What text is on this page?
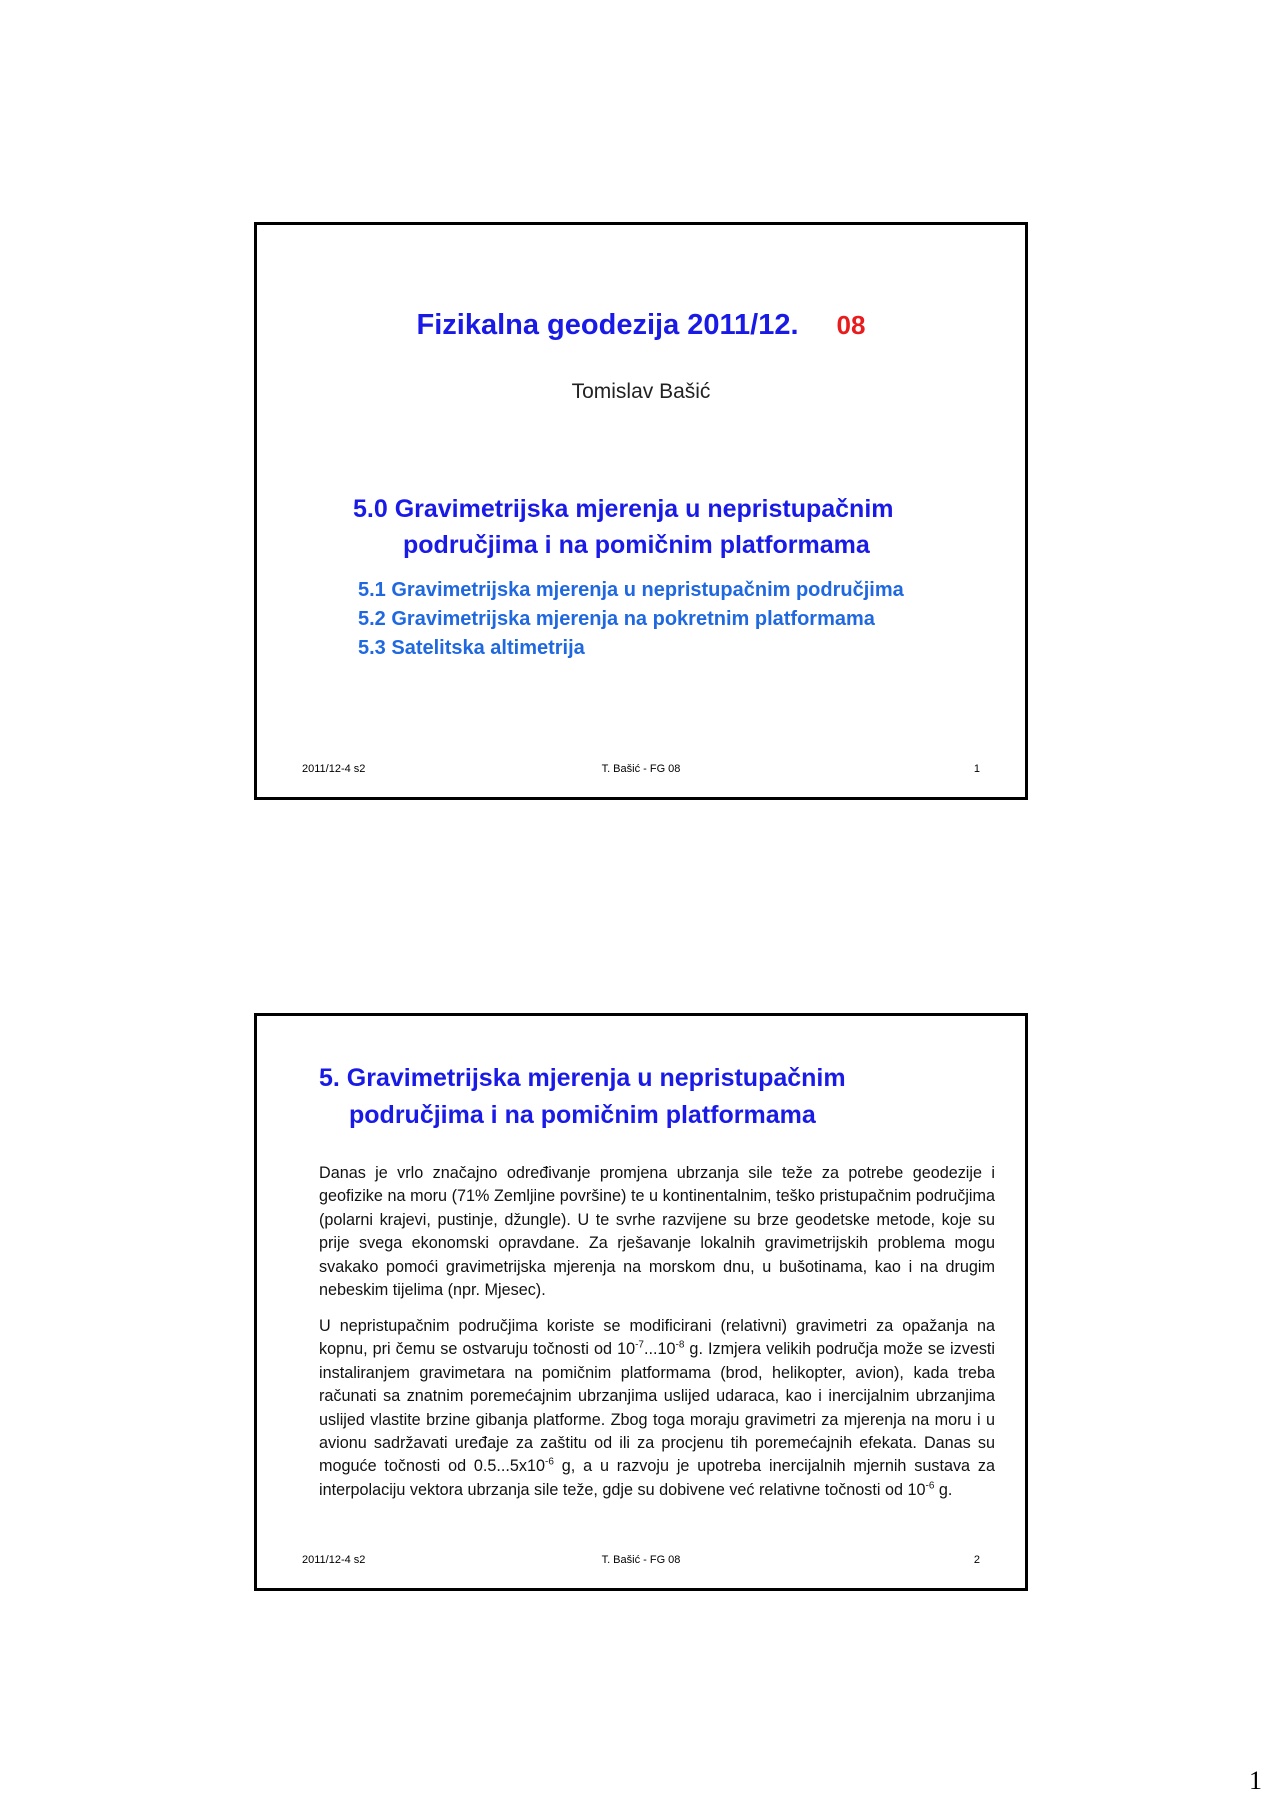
Fizikalna geodezija 2011/12. 08
Tomislav Bašić
5.0 Gravimetrijska mjerenja u nepristupačnim
područjima i na pomičnim platformama
5.1 Gravimetrijska mjerenja u nepristupačnim područjima
5.2 Gravimetrijska mjerenja na pokretnim platformama
5.3 Satelitska altimetrija
2011/12-4 s2	T. Bašić - FG 08	1
5. Gravimetrijska mjerenja u nepristupačnim
područjima i na pomičnim platformama

Danas je vrlo značajno određivanje promjena ubrzanja sile teže za potrebe geodezije i geofizike na moru (71% Zemljine površine) te u kontinentalnim, teško pristupačnim područjima (polarni krajevi, pustinje, džungle). U te svrhe razvijene su brze geodetske metode, koje su prije svega ekonomski opravdane. Za rješavanje lokalnih gravimetrijskih problema mogu svakako pomoći gravimetrijska mjerenja na morskom dnu, u bušotinama, kao i na drugim nebeskim tijelima (npr. Mjesec).

U nepristupačnim područjima koriste se modificirani (relativni) gravimetri za opažanja na kopnu, pri čemu se ostvaruju točnosti od $10^{-7}...10^{-8}$ g. Izmjera velikih područja može se izvesti instaliranjem gravimetara na pomičnim platformama (brod, helikopter, avion), kada treba računati sa znatnim poremećajnim ubrzanjima uslijed udaraca, kao i inercijalnim ubrzanjima uslijed vlastite brzine gibanja platforme. Zbog toga moraju gravimetri za mjerenja na moru i u avionu sadržavati uređaje za zaštitu od ili za procjenu tih poremećajnih efekata. Danas su moguće točnosti od $0.5...5x10^{-6}$ g, a u razvoju je upotreba inercijalnih mjernih sustava za interpolaciju vektora ubrzanja sile teže, gdje su dobivene već relativne točnosti od $10^{-6}$ g.

2011/12-4 s2	T. Bašić - FG 08	2
1
